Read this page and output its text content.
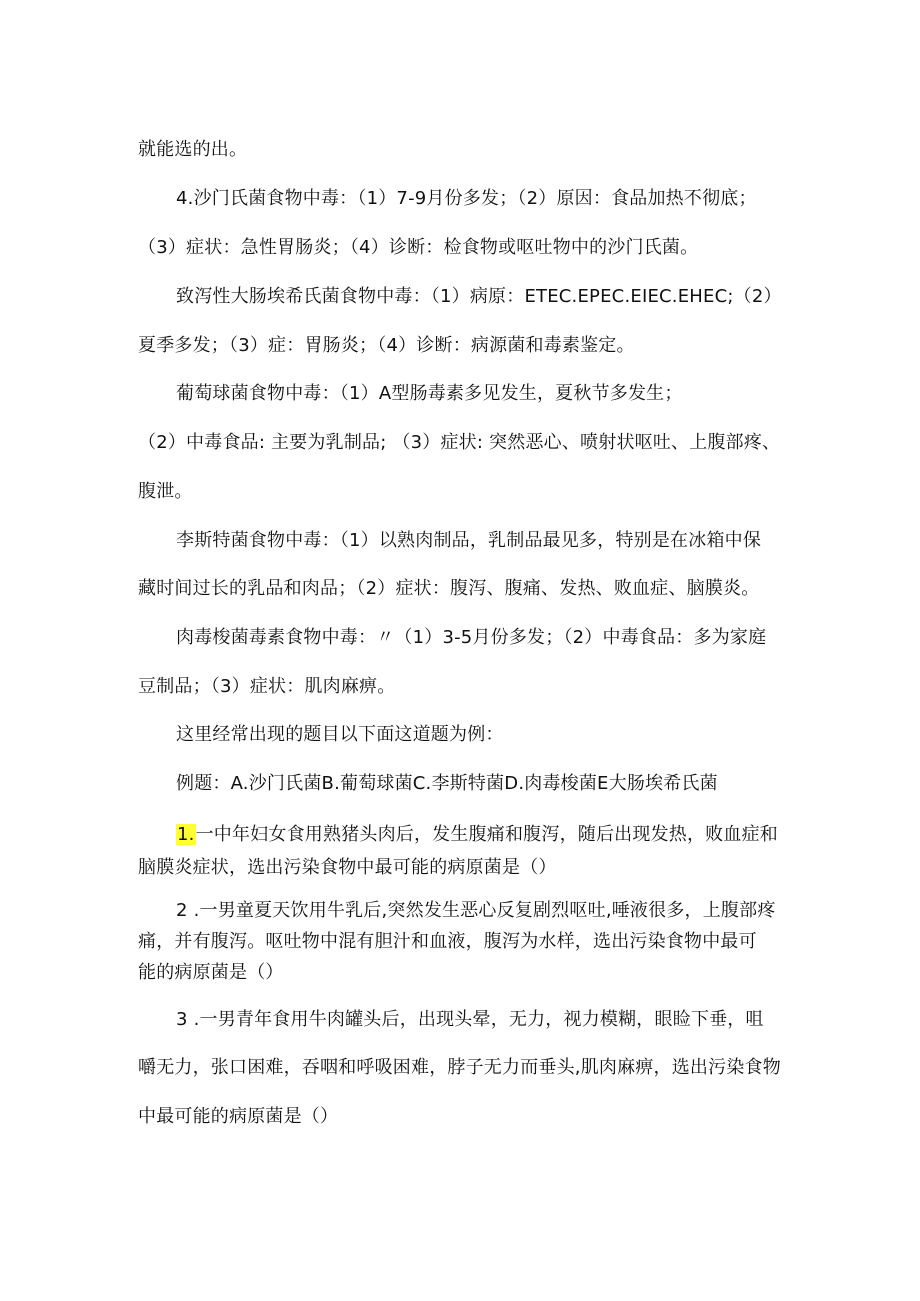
就能选的出。
4.沙门氏菌食物中毒：（1）7-9月份多发；（2）原因：食品加热不彻底；
（3）症状：急性胃肠炎；（4）诊断：检食物或呕吐物中的沙门氏菌。
致泻性大肠埃希氏菌食物中毒：（1）病原：ETEC.EPEC.EIEC.EHEC;（2）
夏季多发；（3）症：胃肠炎；（4）诊断：病源菌和毒素鉴定。
葡萄球菌食物中毒：（1）A型肠毒素多见发生，夏秋节多发生；
（2）中毒食品: 主要为乳制品; （3）症状: 突然恶心、喷射状呕吐、上腹部疼、
腹泄。
李斯特菌食物中毒：（1）以熟肉制品，乳制品最见多，特别是在冰箱中保
藏时间过长的乳品和肉品；（2）症状：腹泻、腹痛、发热、败血症、脑膜炎。
肉毒梭菌毒素食物中毒：〃（1）3-5月份多发；（2）中毒食品：多为家庭
豆制品；（3）症状：肌肉麻痹。
这里经常出现的题目以下面这道题为例：
例题：A.沙门氏菌B.葡萄球菌C.李斯特菌D.肉毒梭菌E大肠埃希氏菌
1.一中年妇女食用熟猪头肉后，发生腹痛和腹泻，随后出现发热，败血症和
脑膜炎症状，选出污染食物中最可能的病原菌是（）
2 .一男童夏天饮用牛乳后,突然发生恶心反复剧烈呕吐,唾液很多，上腹部疼
痛，并有腹泻。呕吐物中混有胆汁和血液，腹泻为水样，选出污染食物中最可
能的病原菌是（）
3 .一男青年食用牛肉罐头后，出现头晕，无力，视力模糊，眼睑下垂，咀
嚼无力，张口困难，吞咽和呼吸困难，脖子无力而垂头,肌肉麻痹，选出污染食物
中最可能的病原菌是（）
